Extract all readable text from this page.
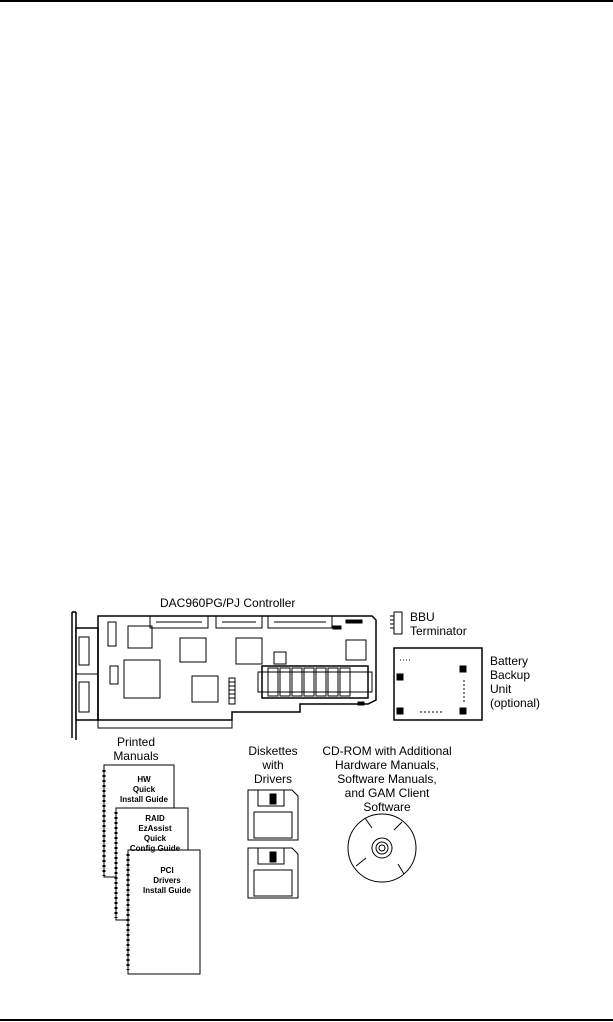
DAC960PG/PJ Controller
BBU
Terminator
Battery
Backup
Unit
(optional)
Printed
Manuals
HW
Quick
Install Guide
RAID
EzAssist
Quick
Config Guide
PCI
Drivers
Install Guide
Diskettes
with
Drivers
CD-ROM with Additional
Hardware Manuals,
Software Manuals,
and GAM Client
Software
